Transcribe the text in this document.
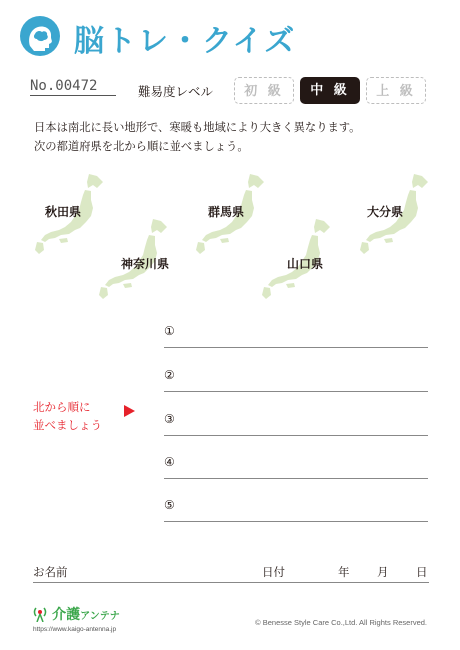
脳トレ・クイズ
No.00472	難易度レベル	初 級	中 級	上 級
日本は南北に長い地形で、寒暖も地域により大きく異なります。
次の都道府県を北から順に並べましょう。
秋田県	群馬県	大分県
神奈川県	山口県
北から順に
並べましょう
①
②
③
④
⑤
お名前	日付	年 月 日
介護アンテナ
https://www.kaigo-antenna.jp
© Benesse Style Care Co.,Ltd. All Rights Reserved.
